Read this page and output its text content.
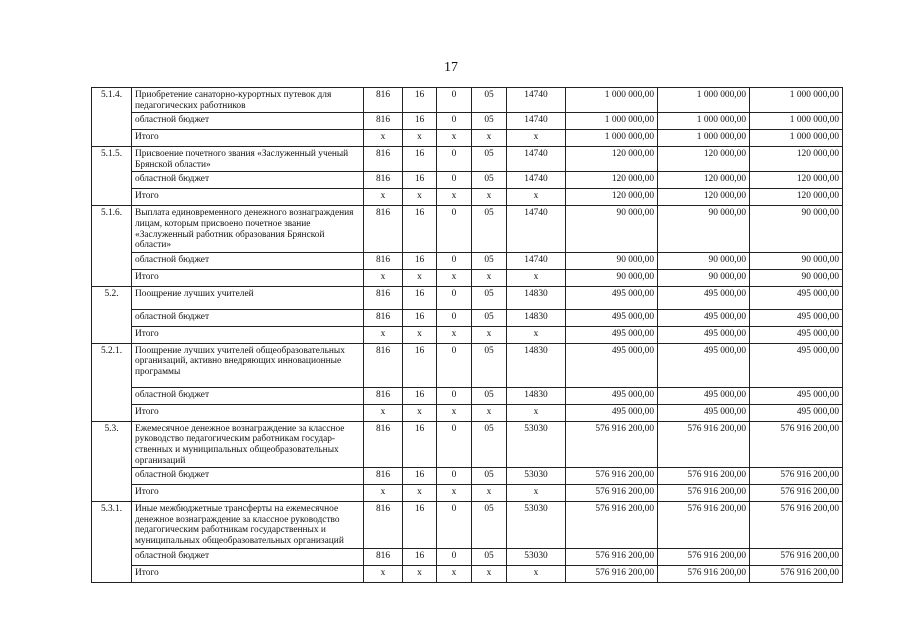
17
5.1.4.	Приобретение санаторно-курортных путевок для педагогических работников	816	16	0	05	14740	1 000 000,00	1 000 000,00	1 000 000,00
	областной бюджет	816	16	0	05	14740	1 000 000,00	1 000 000,00	1 000 000,00
	Итого	x	x	x	x	x	1 000 000,00	1 000 000,00	1 000 000,00
5.1.5.	Присвоение почетного звания «Заслуженный ученый Брянской области»	816	16	0	05	14740	120 000,00	120 000,00	120 000,00
	областной бюджет	816	16	0	05	14740	120 000,00	120 000,00	120 000,00
	Итого	x	x	x	x	x	120 000,00	120 000,00	120 000,00
5.1.6.	Выплата единовременного денежного вознаграждения лицам, которым присвоено почетное звание «Заслуженный работник образования Брянской области»	816	16	0	05	14740	90 000,00	90 000,00	90 000,00
	областной бюджет	816	16	0	05	14740	90 000,00	90 000,00	90 000,00
	Итого	x	x	x	x	x	90 000,00	90 000,00	90 000,00
5.2.	Поощрение лучших учителей	816	16	0	05	14830	495 000,00	495 000,00	495 000,00
	областной бюджет	816	16	0	05	14830	495 000,00	495 000,00	495 000,00
	Итого	x	x	x	x	x	495 000,00	495 000,00	495 000,00
5.2.1.	Поощрение лучших учителей общеобразовательных организаций, активно внедряющих инновационные программы	816	16	0	05	14830	495 000,00	495 000,00	495 000,00
	областной бюджет	816	16	0	05	14830	495 000,00	495 000,00	495 000,00
	Итого	x	x	x	x	x	495 000,00	495 000,00	495 000,00
5.3.	Ежемесячное денежное вознаграждение за классное руководство педагогическим работникам государ-ственных и муниципальных общеобразовательных организаций	816	16	0	05	53030	576 916 200,00	576 916 200,00	576 916 200,00
	областной бюджет	816	16	0	05	53030	576 916 200,00	576 916 200,00	576 916 200,00
	Итого	x	x	x	x	x	576 916 200,00	576 916 200,00	576 916 200,00
5.3.1.	Иные межбюджетные трансферты на ежемесячное денежное вознаграждение за классное руководство педагогическим работникам государственных и муниципальных общеобразовательных организаций	816	16	0	05	53030	576 916 200,00	576 916 200,00	576 916 200,00
	областной бюджет	816	16	0	05	53030	576 916 200,00	576 916 200,00	576 916 200,00
	Итого	x	x	x	x	x	576 916 200,00	576 916 200,00	576 916 200,00
